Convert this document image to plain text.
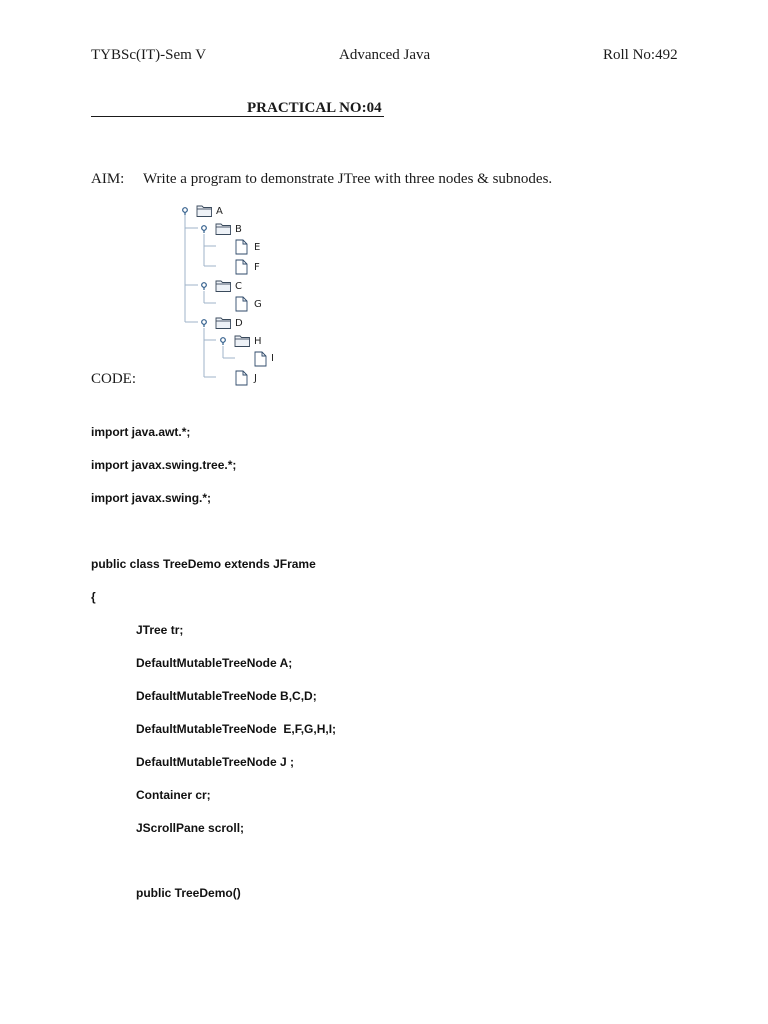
TYBSc(IT)-Sem V	Advanced Java	Roll No:492
PRACTICAL NO:04
AIM: Write a program to demonstrate JTree with three nodes & subnodes.
A
B
E
F
C
G
D
H
I
J
CODE:
import java.awt.*;
import javax.swing.tree.*;
import javax.swing.*;
public class TreeDemo extends JFrame
{
JTree tr;
DefaultMutableTreeNode A;
DefaultMutableTreeNode B,C,D;
DefaultMutableTreeNode  E,F,G,H,I;
DefaultMutableTreeNode J ;
Container cr;
JScrollPane scroll;
public TreeDemo()
